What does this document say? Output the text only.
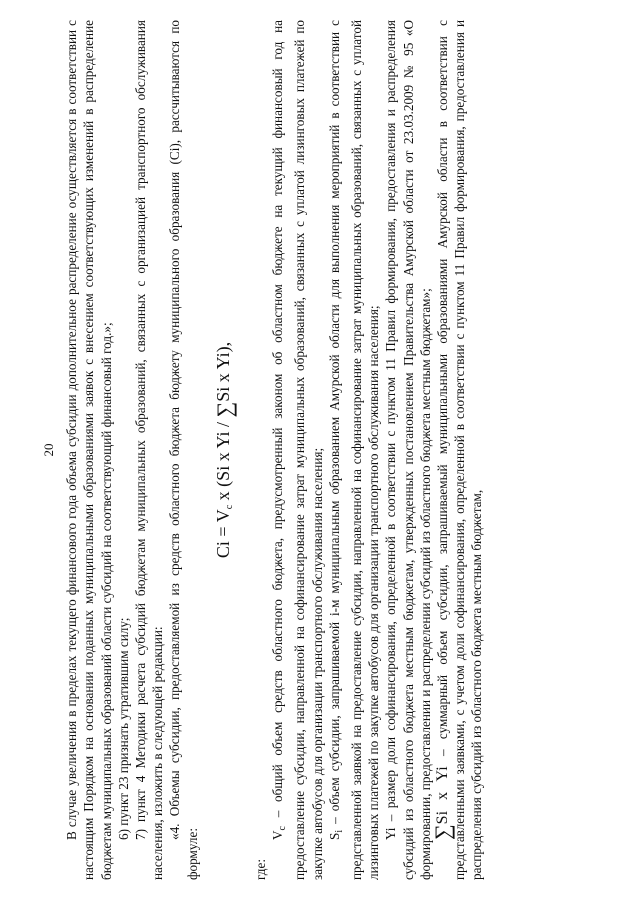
20 В случае увеличения в пределах текущего финансового года объема субсидии дополнительное распределение осуществляется в соответствии с настоящим Порядком на основании поданных муниципальными образованиями заявок с внесением соответствующих изменений в распределение бюджетам муниципальных образований области субсидий на соответствующий финансовый год.»; 6) пункт 23 признать утратившим силу; 7) пункт 4 Методики расчета субсидий бюджетам муниципальных образований, связанных с организацией транспортного обслуживания населения, изложить в следующей редакции: «4. Объемы субсидии, предоставляемой из средств областного бюджета бюджету муниципального образования (Ci), рассчитываются по формуле:

$Ci = V_c$ x (Si x Yi / ∑Si x Yi),

где:

$V_c$ – общий объем средств областного бюджета, предусмотренный законом об областном бюджете на текущий финансовый год на предоставление субсидии, направленной на софинансирование затрат муниципальных образований, связанных с уплатой лизинговых платежей по закупке автобусов для организации транспортного обслуживания населения; $S_i$ – объем субсидии, запрашиваемой i-м муниципальным образованием Амурской области для выполнения мероприятий в соответствии с представленной заявкой на предоставление субсидии, направленной на софинансирование затрат муниципальных образований, связанных с уплатой лизинговых платежей по закупке автобусов для организации транспортного обслуживания населения; Yi – размер доли софинансирования, определенной в соответствии с пунктом 11 Правил формирования, предоставления и распределения субсидий из областного бюджета местным бюджетам, утвержденных постановлением Правительства Амурской области от 23.03.2009 № 95 «О формировании, предоставлении и распределении субсидий из областного бюджета местным бюджетам»;

∑Si x Yi – суммарный объем субсидии, запрашиваемый муниципальными образованиями Амурской области в соответствии с представленными заявками, с учетом доли софинансирования, определенной в соответствии с пунктом 11 Правил формирования, предоставления и распределения субсидий из областного бюджета местным бюджетам,
